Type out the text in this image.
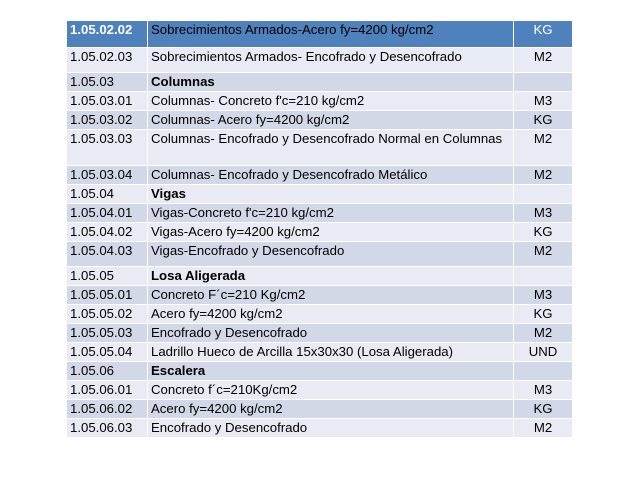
1.05.02.02	Sobrecimientos Armados-Acero fy=4200 kg/cm2	KG
1.05.02.03	Sobrecimientos Armados- Encofrado y Desencofrado	M2
1.05.03	Columnas	
1.05.03.01	Columnas- Concreto f'c=210 kg/cm2	M3
1.05.03.02	Columnas- Acero fy=4200 kg/cm2	KG
1.05.03.03	Columnas- Encofrado y Desencofrado Normal en Columnas	M2
1.05.03.04	Columnas- Encofrado y Desencofrado Metálico	M2
1.05.04	Vigas	
1.05.04.01	Vigas-Concreto f'c=210 kg/cm2	M3
1.05.04.02	Vigas-Acero fy=4200 kg/cm2	KG
1.05.04.03	Vigas-Encofrado y Desencofrado	M2
1.05.05	Losa Aligerada	
1.05.05.01	Concreto F´c=210 Kg/cm2	M3
1.05.05.02	Acero fy=4200 kg/cm2	KG
1.05.05.03	Encofrado y Desencofrado	M2
1.05.05.04	Ladrillo Hueco de Arcilla 15x30x30 (Losa Aligerada)	UND
1.05.06	Escalera	
1.05.06.01	Concreto f´c=210Kg/cm2	M3
1.05.06.02	Acero fy=4200 kg/cm2	KG
1.05.06.03	Encofrado y Desencofrado	M2
